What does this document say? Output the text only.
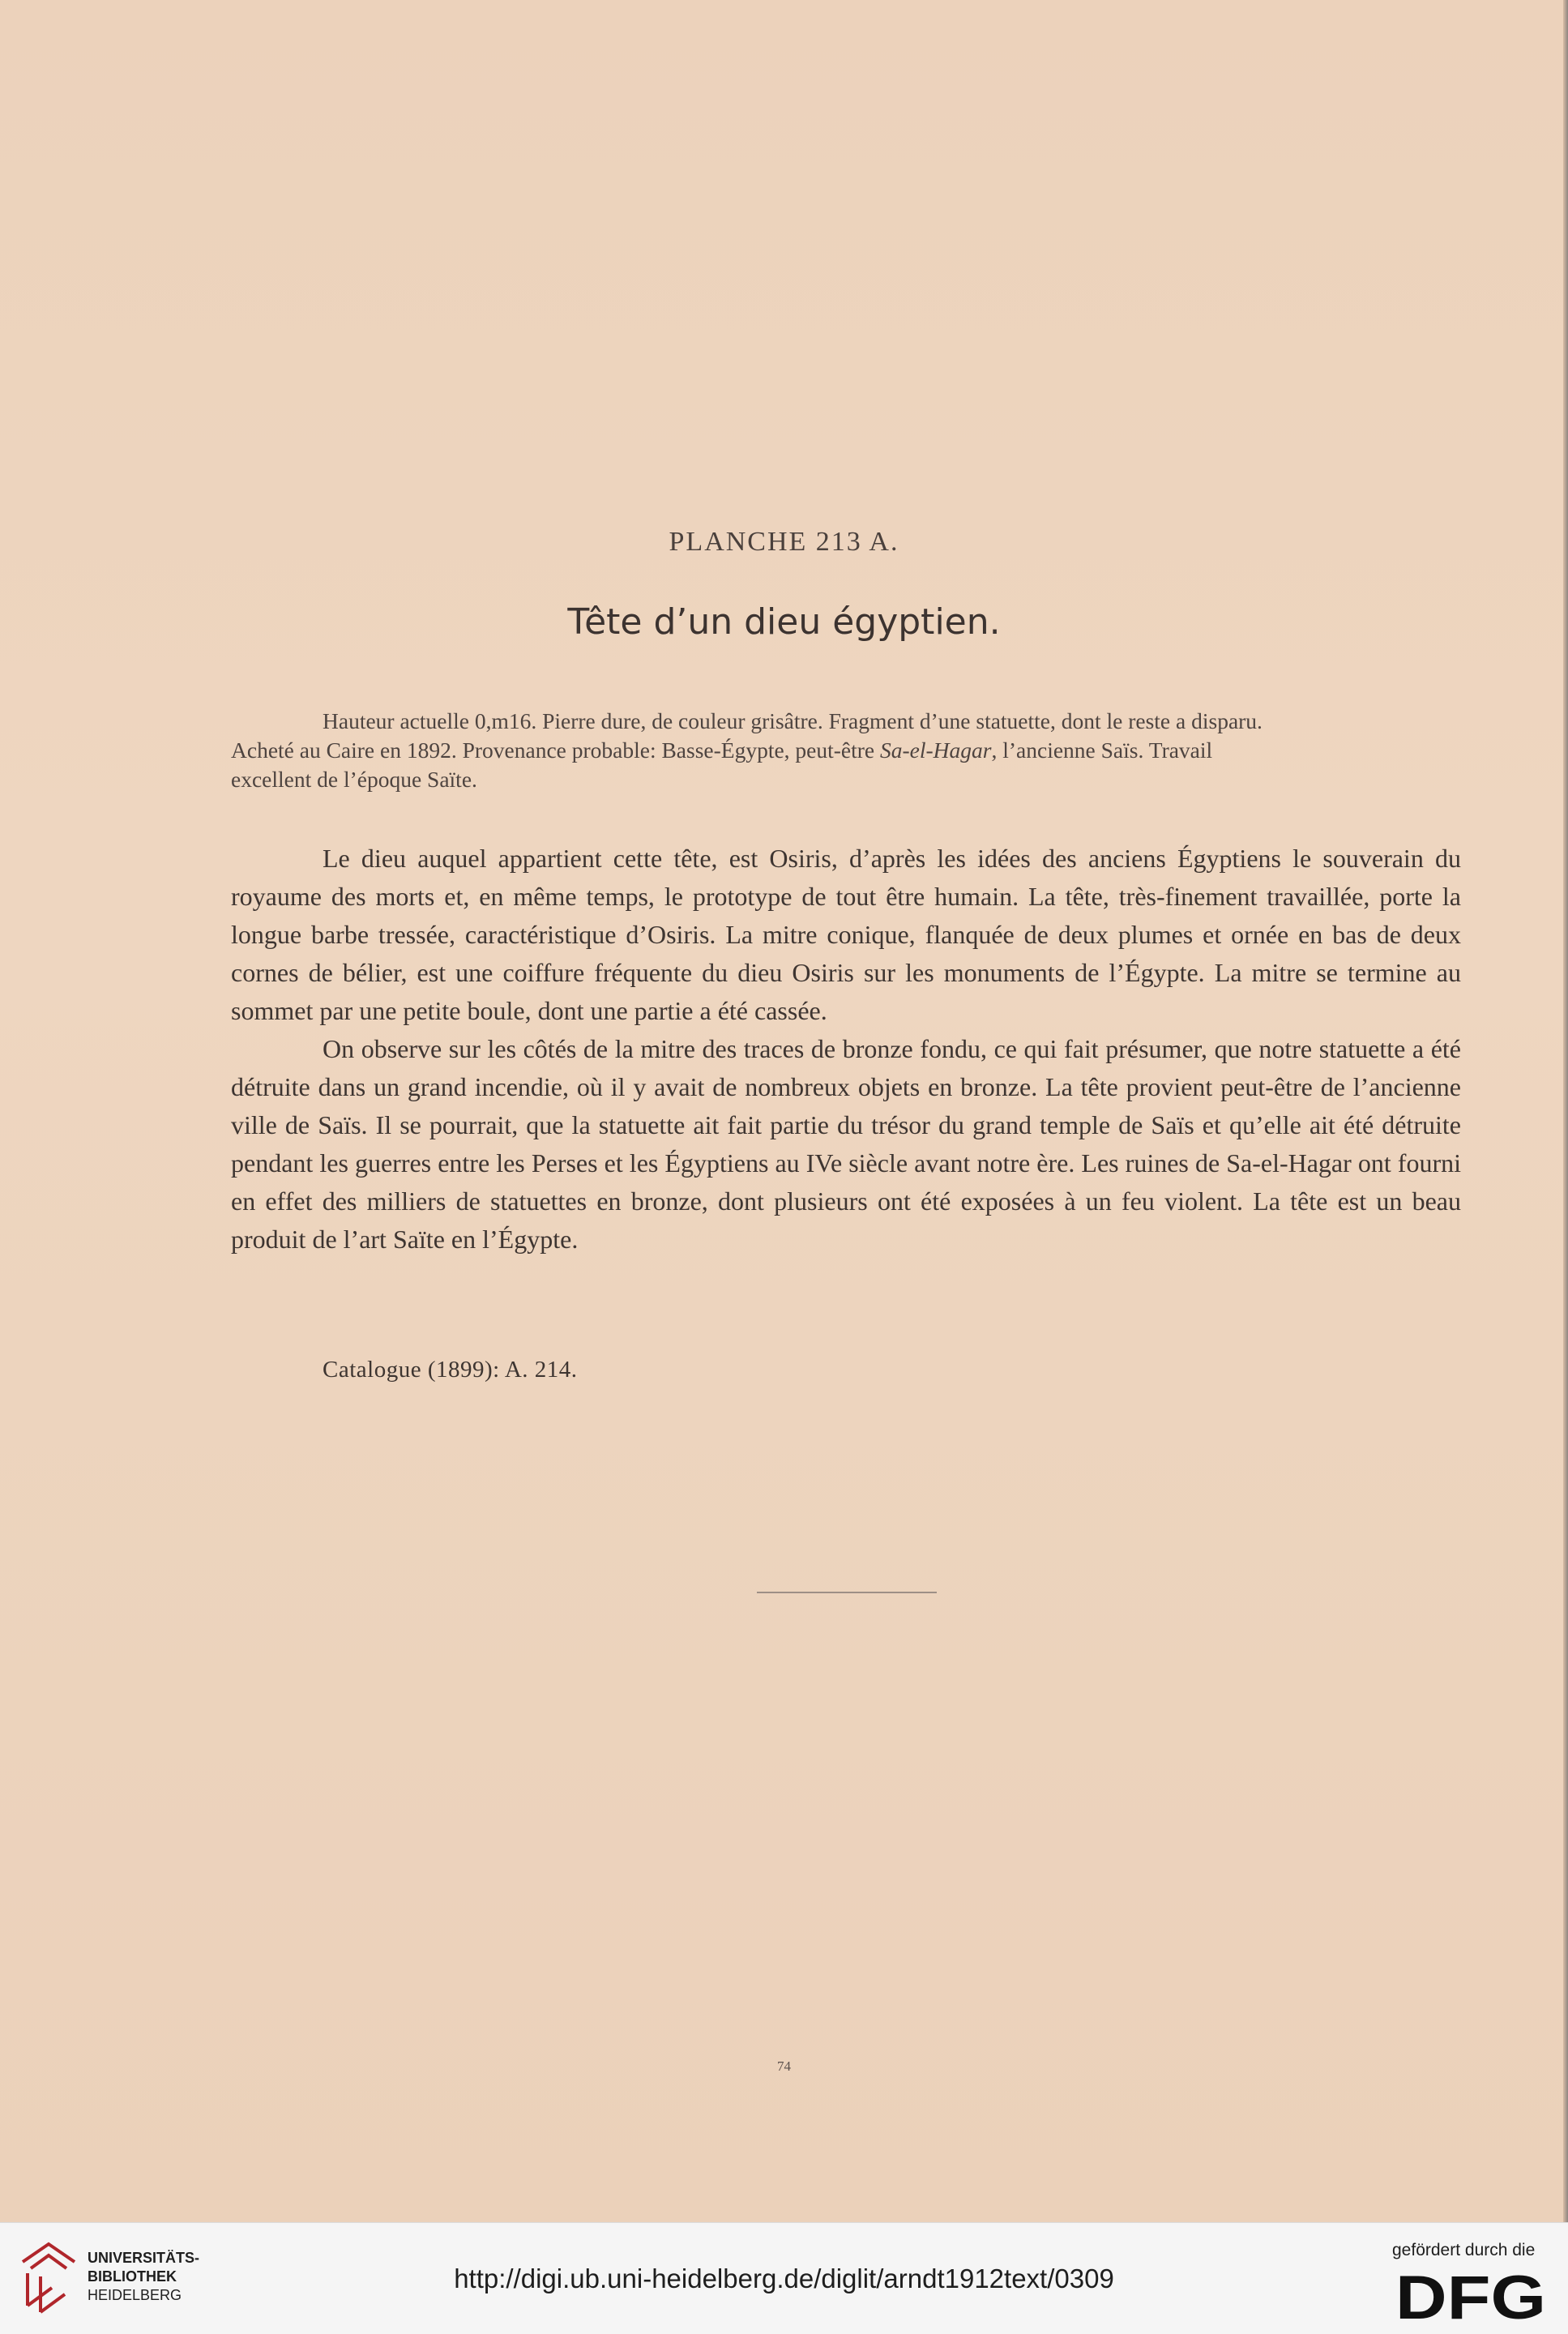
PLANCHE 213 A.
Tête d’un dieu égyptien.

Hauteur actuelle 0,m16. Pierre dure, de couleur grisâtre. Fragment d’une statuette, dont le reste a disparu.

Acheté au Caire en 1892. Provenance probable: Basse-Égypte, peut-être Sa-el-Hagar, l’ancienne Saïs. Travail

excellent de l’époque Saïte.

Le dieu auquel appartient cette tête, est Osiris, d’après les idées des anciens Égyptiens le souverain du royaume des morts et, en même temps, le prototype de tout être humain. La tête, très-finement travaillée, porte la longue barbe tressée, caractéristique d’Osiris. La mitre conique, flanquée de deux plumes et ornée en bas de deux cornes de bélier, est une coiffure fréquente du dieu Osiris sur les monuments de l’Égypte. La mitre se termine au sommet par une petite boule, dont une partie a été cassée.

On observe sur les côtés de la mitre des traces de bronze fondu, ce qui fait présumer, que notre statuette a été détruite dans un grand incendie, où il y avait de nombreux objets en bronze. La tête provient peut-être de l’ancienne ville de Saïs. Il se pourrait, que la statuette ait fait partie du trésor du grand temple de Saïs et qu’elle ait été détruite pendant les guerres entre les Perses et les Égyptiens au IVe siècle avant notre ère. Les ruines de Sa-el-Hagar ont fourni en effet des milliers de statuettes en bronze, dont plusieurs ont été exposées à un feu violent. La tête est un beau produit de l’art Saïte en l’Égypte.

Catalogue (1899): A. 214.
74
UNIVERSITÄTS-
BIBLIOTHEK
HEIDELBERG
http://digi.ub.uni-heidelberg.de/diglit/arndt1912text/0309
gefördert durch die
DFG
